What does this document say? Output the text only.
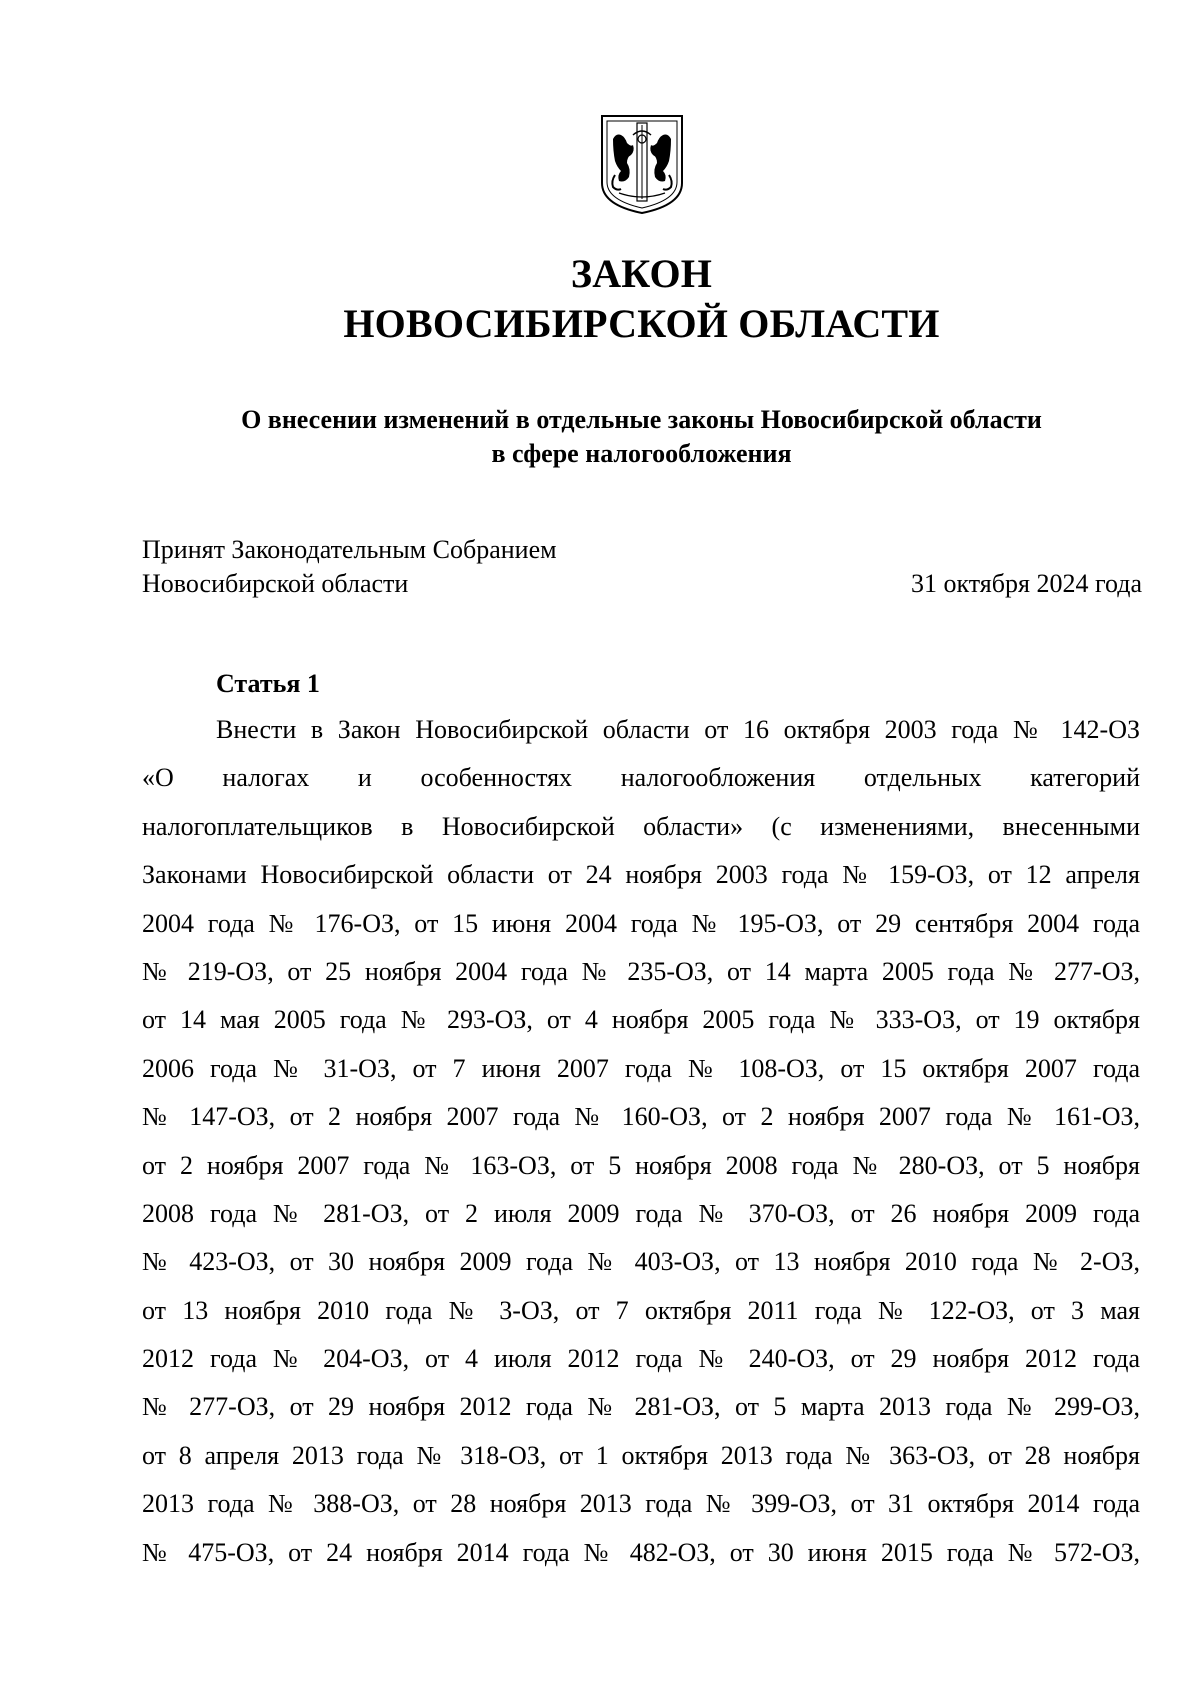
ЗАКОН
НОВОСИБИРСКОЙ ОБЛАСТИ
О внесении изменений в отдельные законы Новосибирской области
в сфере налогообложения
Принят Законодательным Собранием
Новосибирской области	31 октября 2024 года
Статья 1
Внести в Закон Новосибирской области от 16 октября 2003 года № 142-ОЗ
«О налогах и особенностях налогообложения отдельных категорий
налогоплательщиков в Новосибирской области» (с изменениями, внесенными
Законами Новосибирской области от 24 ноября 2003 года № 159-ОЗ, от 12 апреля
2004 года № 176-ОЗ, от 15 июня 2004 года № 195-ОЗ, от 29 сентября 2004 года
№ 219-ОЗ, от 25 ноября 2004 года № 235-ОЗ, от 14 марта 2005 года № 277-ОЗ,
от 14 мая 2005 года № 293-ОЗ, от 4 ноября 2005 года № 333-ОЗ, от 19 октября
2006 года № 31-ОЗ, от 7 июня 2007 года № 108-ОЗ, от 15 октября 2007 года
№ 147-ОЗ, от 2 ноября 2007 года № 160-ОЗ, от 2 ноября 2007 года № 161-ОЗ,
от 2 ноября 2007 года № 163-ОЗ, от 5 ноября 2008 года № 280-ОЗ, от 5 ноября
2008 года № 281-ОЗ, от 2 июля 2009 года № 370-ОЗ, от 26 ноября 2009 года
№ 423-ОЗ, от 30 ноября 2009 года № 403-ОЗ, от 13 ноября 2010 года № 2-ОЗ,
от 13 ноября 2010 года № 3-ОЗ, от 7 октября 2011 года № 122-ОЗ, от 3 мая
2012 года № 204-ОЗ, от 4 июля 2012 года № 240-ОЗ, от 29 ноября 2012 года
№ 277-ОЗ, от 29 ноября 2012 года № 281-ОЗ, от 5 марта 2013 года № 299-ОЗ,
от 8 апреля 2013 года № 318-ОЗ, от 1 октября 2013 года № 363-ОЗ, от 28 ноября
2013 года № 388-ОЗ, от 28 ноября 2013 года № 399-ОЗ, от 31 октября 2014 года
№ 475-ОЗ, от 24 ноября 2014 года № 482-ОЗ, от 30 июня 2015 года № 572-ОЗ,
